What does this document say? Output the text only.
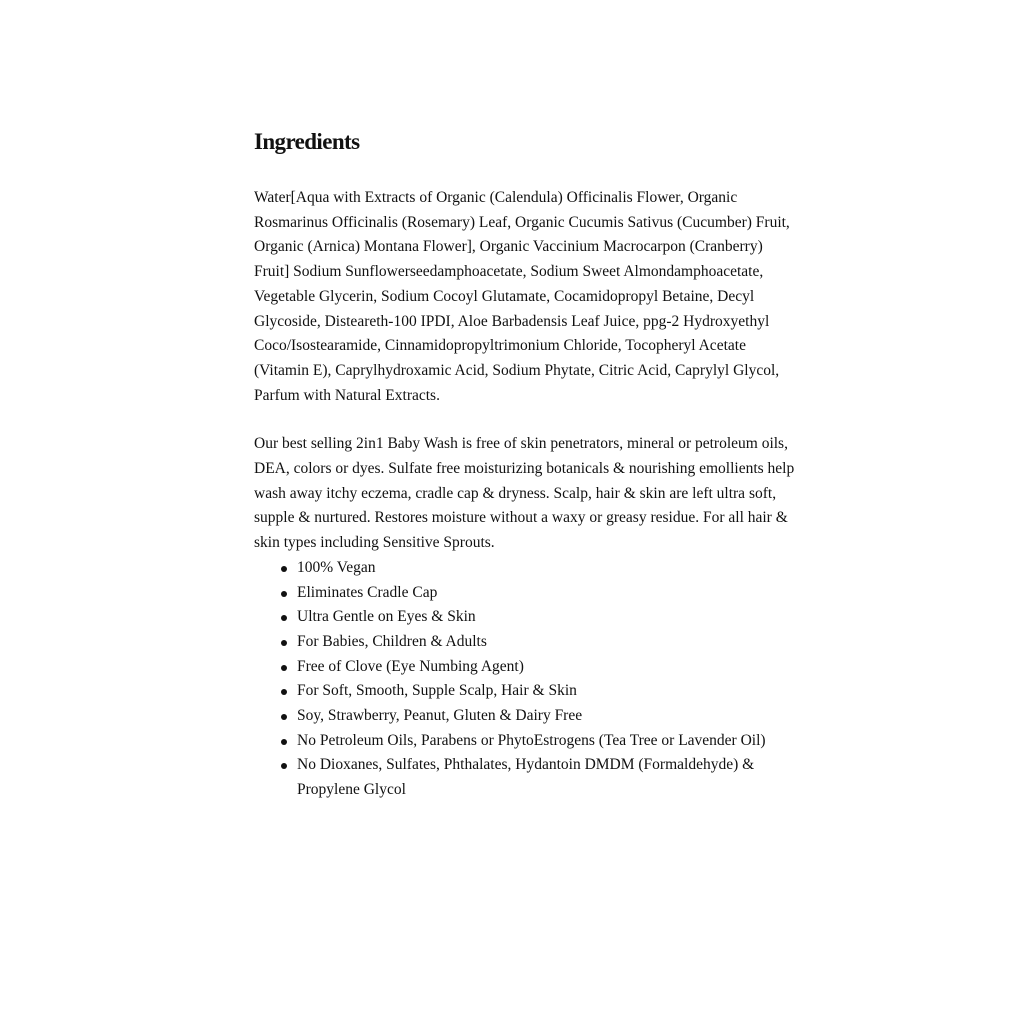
Ingredients

Water[Aqua with Extracts of Organic (Calendula) Officinalis Flower, Organic Rosmarinus Officinalis (Rosemary) Leaf, Organic Cucumis Sativus (Cucumber) Fruit, Organic (Arnica) Montana Flower], Organic Vaccinium Macrocarpon (Cranberry) Fruit] Sodium Sunflowerseedamphoacetate, Sodium Sweet Almondamphoacetate, Vegetable Glycerin, Sodium Cocoyl Glutamate, Cocamidopropyl Betaine, Decyl Glycoside, Disteareth-100 IPDI, Aloe Barbadensis Leaf Juice, ppg-2 Hydroxyethyl Coco/Isostearamide, Cinnamidopropyltrimonium Chloride, Tocopheryl Acetate (Vitamin E), Caprylhydroxamic Acid, Sodium Phytate, Citric Acid, Caprylyl Glycol, Parfum with Natural Extracts.

Our best selling 2in1 Baby Wash is free of skin penetrators, mineral or petroleum oils, DEA, colors or dyes. Sulfate free moisturizing botanicals & nourishing emollients help wash away itchy eczema, cradle cap & dryness. Scalp, hair & skin are left ultra soft, supple & nurtured. Restores moisture without a waxy or greasy residue. For all hair & skin types including Sensitive Sprouts.

100% Vegan
Eliminates Cradle Cap
Ultra Gentle on Eyes & Skin
For Babies, Children & Adults
Free of Clove (Eye Numbing Agent)
For Soft, Smooth, Supple Scalp, Hair & Skin
Soy, Strawberry, Peanut, Gluten & Dairy Free
No Petroleum Oils, Parabens or PhytoEstrogens (Tea Tree or Lavender Oil)
No Dioxanes, Sulfates, Phthalates, Hydantoin DMDM (Formaldehyde) & Propylene Glycol
